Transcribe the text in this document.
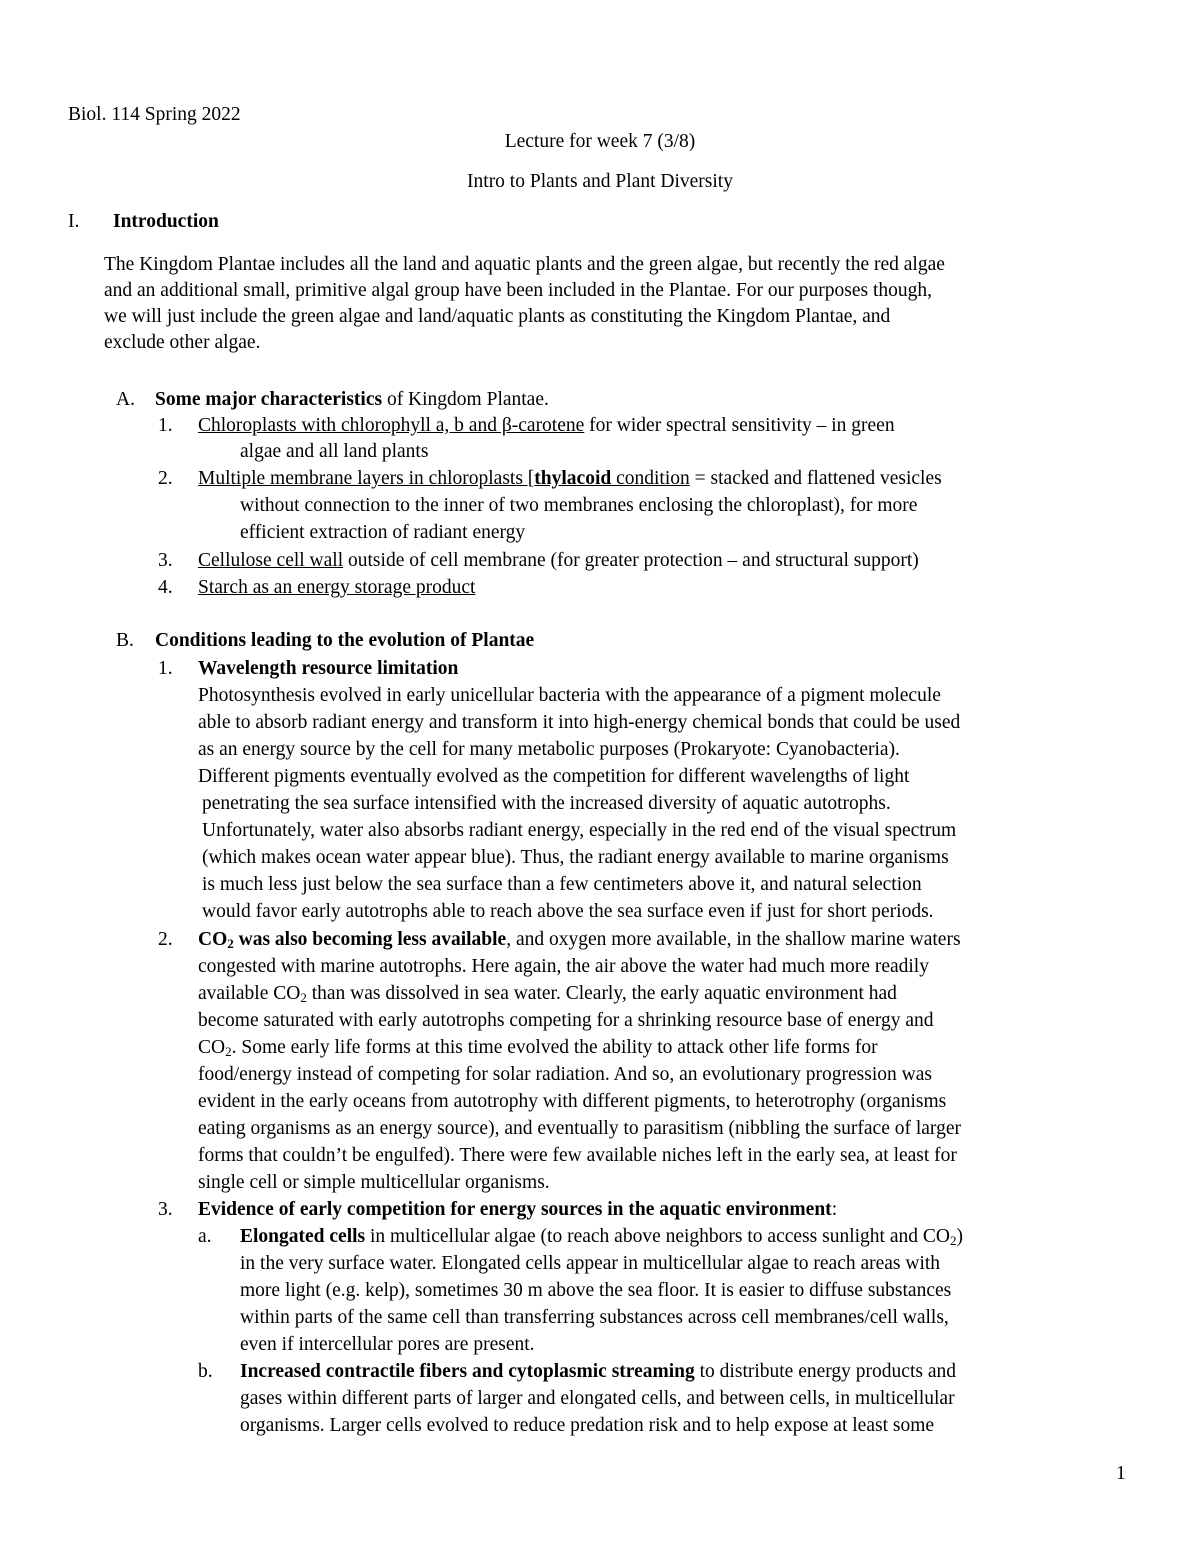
Biol. 114 Spring 2022
Lecture for week 7 (3/8)
Intro to Plants and Plant Diversity
I. Introduction
The Kingdom Plantae includes all the land and aquatic plants and the green algae, but recently the red algae
and an additional small, primitive algal group have been included in the Plantae. For our purposes though,
we will just include the green algae and land/aquatic plants as constituting the Kingdom Plantae, and
exclude other algae.
A. Some major characteristics of Kingdom Plantae.
1. Chloroplasts with chlorophyll a, b and β-carotene for wider spectral sensitivity – in green
algae and all land plants
2. Multiple membrane layers in chloroplasts [thylacoid condition = stacked and flattened vesicles
without connection to the inner of two membranes enclosing the chloroplast), for more
efficient extraction of radiant energy
3. Cellulose cell wall outside of cell membrane (for greater protection – and structural support)
4. Starch as an energy storage product
B. Conditions leading to the evolution of Plantae
1. Wavelength resource limitation
Photosynthesis evolved in early unicellular bacteria with the appearance of a pigment molecule
able to absorb radiant energy and transform it into high-energy chemical bonds that could be used
as an energy source by the cell for many metabolic purposes (Prokaryote: Cyanobacteria).
Different pigments eventually evolved as the competition for different wavelengths of light
penetrating the sea surface intensified with the increased diversity of aquatic autotrophs.
Unfortunately, water also absorbs radiant energy, especially in the red end of the visual spectrum
(which makes ocean water appear blue). Thus, the radiant energy available to marine organisms
is much less just below the sea surface than a few centimeters above it, and natural selection
would favor early autotrophs able to reach above the sea surface even if just for short periods.
2. $CO_2$ was also becoming less available, and oxygen more available, in the shallow marine waters
congested with marine autotrophs. Here again, the air above the water had much more readily
available $CO_2$ than was dissolved in sea water. Clearly, the early aquatic environment had
become saturated with early autotrophs competing for a shrinking resource base of energy and
$CO_2$. Some early life forms at this time evolved the ability to attack other life forms for
food/energy instead of competing for solar radiation. And so, an evolutionary progression was
evident in the early oceans from autotrophy with different pigments, to heterotrophy (organisms
eating organisms as an energy source), and eventually to parasitism (nibbling the surface of larger
forms that couldn’t be engulfed). There were few available niches left in the early sea, at least for
single cell or simple multicellular organisms.
3. Evidence of early competition for energy sources in the aquatic environment:
a. Elongated cells in multicellular algae (to reach above neighbors to access sunlight and $CO_2$)
in the very surface water. Elongated cells appear in multicellular algae to reach areas with
more light (e.g. kelp), sometimes 30 m above the sea floor. It is easier to diffuse substances
within parts of the same cell than transferring substances across cell membranes/cell walls,
even if intercellular pores are present.
b. Increased contractile fibers and cytoplasmic streaming to distribute energy products and
gases within different parts of larger and elongated cells, and between cells, in multicellular
organisms. Larger cells evolved to reduce predation risk and to help expose at least some
1
